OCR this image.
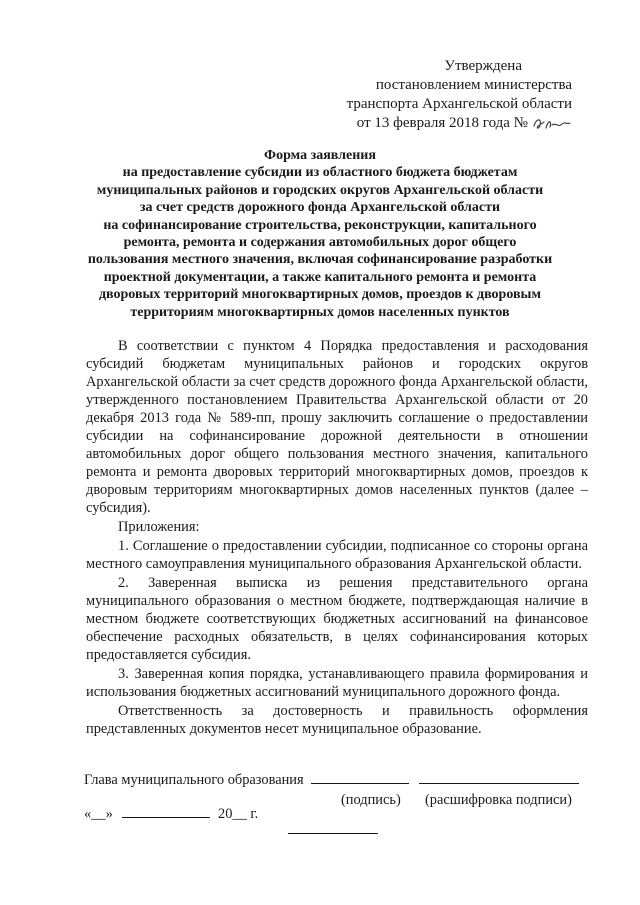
Утверждена
постановлением министерства
транспорта Архангельской области
от 13 февраля 2018 года №
Форма заявления
на предоставление субсидии из областного бюджета бюджетам
муниципальных районов и городских округов Архангельской области
за счет средств дорожного фонда Архангельской области
на софинансирование строительства, реконструкции, капитального
ремонта, ремонта и содержания автомобильных дорог общего
пользования местного значения, включая софинансирование разработки
проектной документации, а также капитального ремонта и ремонта
дворовых территорий многоквартирных домов, проездов к дворовым
территориям многоквартирных домов населенных пунктов

В соответствии с пунктом 4 Порядка предоставления и расходования субсидий бюджетам муниципальных районов и городских округов Архангельской области за счет средств дорожного фонда Архангельской области, утвержденного постановлением Правительства Архангельской области от 20 декабря 2013 года № 589-пп, прошу заключить соглашение о предоставлении субсидии на софинансирование дорожной деятельности в отношении автомобильных дорог общего пользования местного значения, капитального ремонта и ремонта дворовых территорий многоквартирных домов, проездов к дворовым территориям многоквартирных домов населенных пунктов (далее – субсидия).

Приложения:

1. Соглашение о предоставлении субсидии, подписанное со стороны органа местного самоуправления муниципального образования Архангельской области.

2. Заверенная выписка из решения представительного органа муниципального образования о местном бюджете, подтверждающая наличие в местном бюджете соответствующих бюджетных ассигнований на финансовое обеспечение расходных обязательств, в целях софинансирования которых предоставляется субсидия.

3. Заверенная копия порядка, устанавливающего правила формирования и использования бюджетных ассигнований муниципального дорожного фонда.

Ответственность за достоверность и правильность оформления представленных документов несет муниципальное образование.

Глава муниципального образования
(подпись) (расшифровка подписи)
«__»	20__ г.
